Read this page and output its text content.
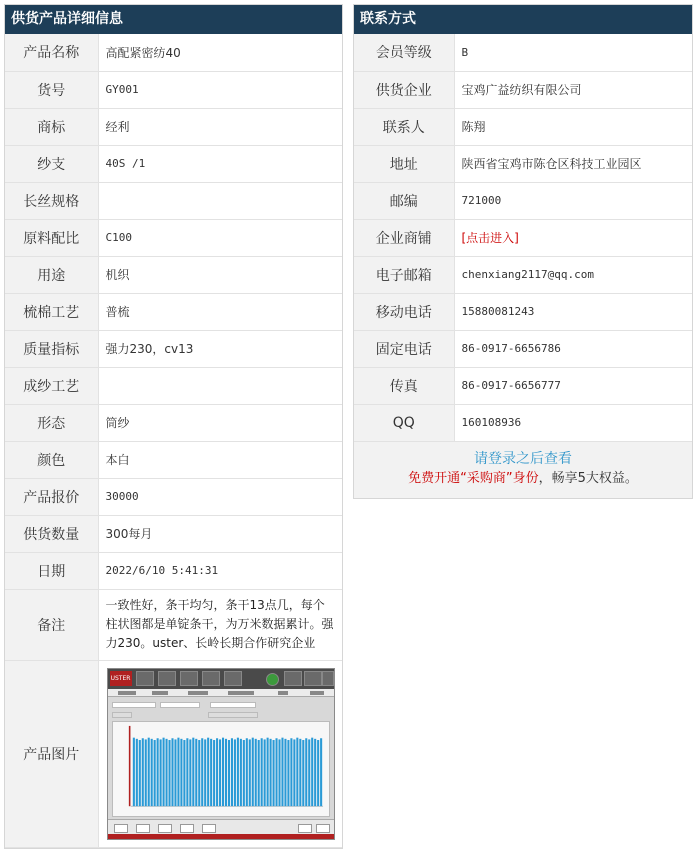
供货产品详细信息
产品名称	高配紧密纺40
货号	GY001
商标	经利
纱支	40S /1
长丝规格	
原料配比	C100
用途	机织
梳棉工艺	普梳
质量指标	强力230，cv13
成纱工艺	
形态	筒纱
颜色	本白
产品报价	30000
供货数量	300每月
日期	2022/6/10 5:41:31
备注	一致性好，条干均匀，条干13点几，每个柱状图都是单锭条干，为万米数据累计。强力230。uster、长岭长期合作研究企业
产品图片	USTER
联系方式
会员等级	B
供货企业	宝鸡广益纺织有限公司
联系人	陈翔
地址	陕西省宝鸡市陈仓区科技工业园区
邮编	721000
企业商铺	[点击进入]
电子邮箱	chenxiang2117@qq.com
移动电话	15880081243
固定电话	86-0917-6656786
传真	86-0917-6656777
QQ	160108936
请登录之后查看
免费开通“采购商”身份，畅享5大权益。
